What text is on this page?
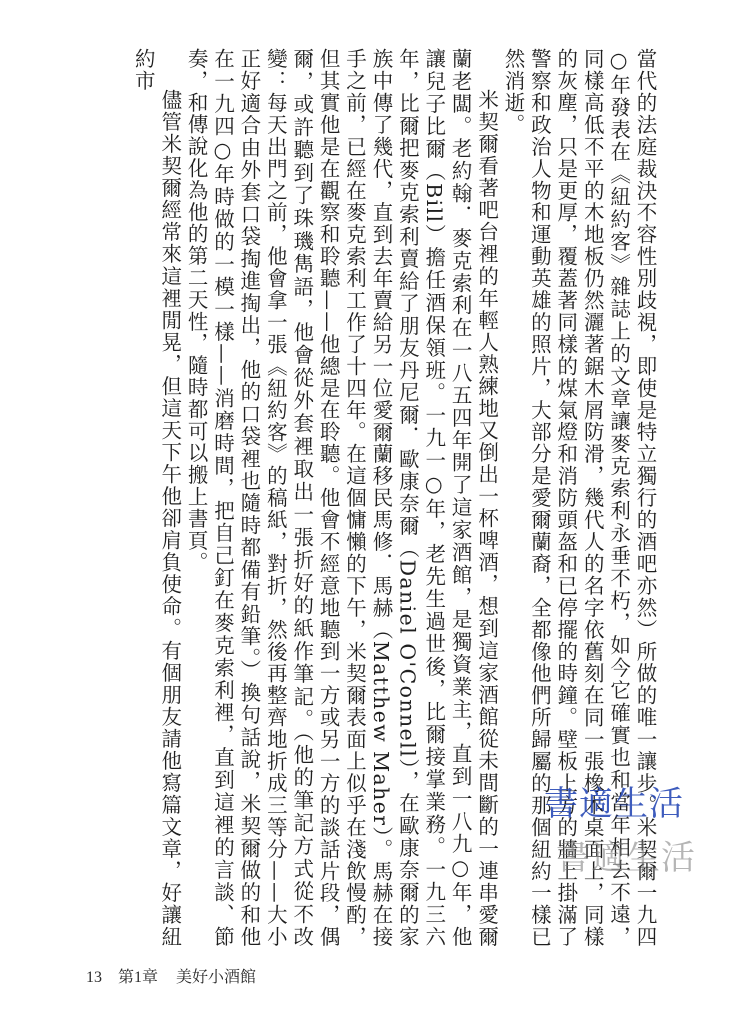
當代的法庭裁決不容性別歧視，即使是特立獨行的酒吧亦然）所做的唯一讓步。米契爾一九四○年發表在《紐約客》雜誌上的文章讓麥克索利永垂不朽，如今它確實也和當年相去不遠，同樣高低不平的木地板仍然灑著鋸木屑防滑，幾代人的名字依舊刻在同一張橡木桌面上，同樣的灰塵，只是更厚，覆蓋著同樣的煤氣燈和消防頭盔和已停擺的時鐘。壁板上方的牆上掛滿了警察和政治人物和運動英雄的照片，大部分是愛爾蘭裔，全都像他們所歸屬的那個紐約一樣已然消逝。

米契爾看著吧台裡的年輕人熟練地又倒出一杯啤酒，想到這家酒館從未間斷的一連串愛爾蘭老闆。老約翰．麥克索利在一八五四年開了這家酒館，是獨資業主，直到一八九○年，他讓兒子比爾（Bill）擔任酒保領班。一九一○年，老先生過世後，比爾接掌業務。一九三六年，比爾把麥克索利賣給了朋友丹尼爾．歐康奈爾（Daniel O'Connell），在歐康奈爾的家族中傳了幾代，直到去年賣給另一位愛爾蘭移民馬修．馬赫（Matthew Maher）。馬赫在接手之前，已經在麥克索利工作了十四年。在這個慵懶的下午，米契爾表面上似乎在淺飲慢酌，但其實他是在觀察和聆聽——他總是在聆聽。他會不經意地聽到一方或另一方的談話片段，偶爾，或許聽到了珠璣雋語，他會從外套裡取出一張折好的紙作筆記。（他的筆記方式從不改變：每天出門之前，他會拿一張《紐約客》的稿紙，對折，然後再整齊地折成三等分——大小正好適合由外套口袋掏進掏出，他的口袋裡也隨時都備有鉛筆。）換句話說，米契爾做的和他在一九四○年時做的一模一樣——消磨時間，把自己釘在麥克索利裡，直到這裡的言談、節奏，和傳說化為他的第二天性，隨時都可以搬上書頁。

儘管米契爾經常來這裡閒晃，但這天下午他卻肩負使命。有個朋友請他寫篇文章，好讓紐約市

13 第1章 美好小酒館
書適生活
書適生活
